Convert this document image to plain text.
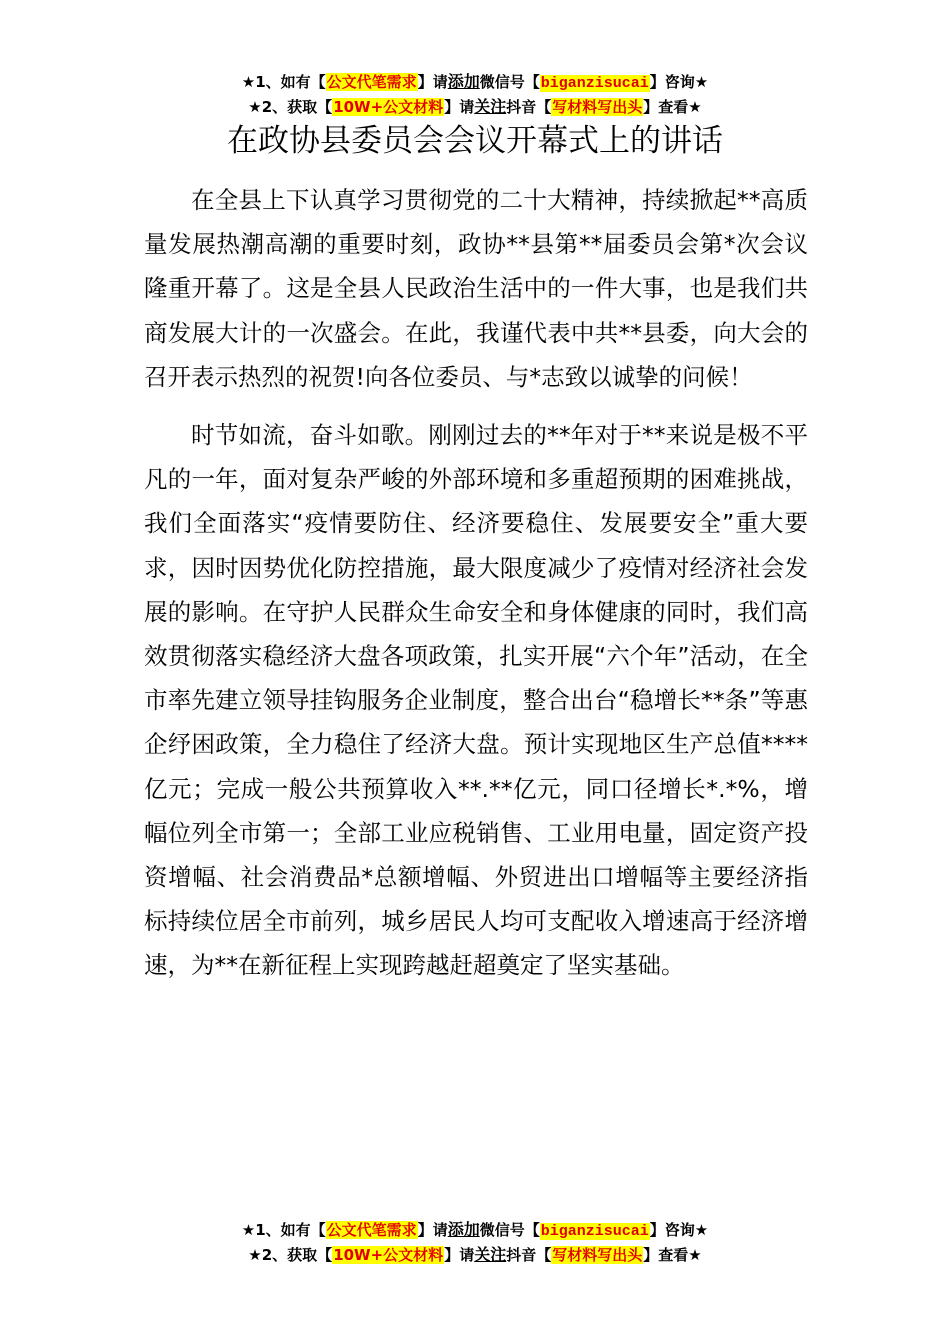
★1、如有【公文代笔需求】请添加微信号【biganzisucai】咨询★
★2、获取【10W+公文材料】请关注抖音【写材料写出头】查看★
在政协县委员会会议开幕式上的讲话

在全县上下认真学习贯彻党的二十大精神，持续掀起**高质量发展热潮高潮的重要时刻，政协**县第**届委员会第*次会议隆重开幕了。这是全县人民政治生活中的一件大事，也是我们共商发展大计的一次盛会。在此，我谨代表中共**县委，向大会的召开表示热烈的祝贺!向各位委员、与*志致以诚挚的问候！

时节如流，奋斗如歌。刚刚过去的**年对于**来说是极不平凡的一年，面对复杂严峻的外部环境和多重超预期的困难挑战，我们全面落实“疫情要防住、经济要稳住、发展要安全”重大要求，因时因势优化防控措施，最大限度减少了疫情对经济社会发展的影响。在守护人民群众生命安全和身体健康的同时，我们高效贯彻落实稳经济大盘各项政策，扎实开展“六个年”活动，在全市率先建立领导挂钩服务企业制度，整合出台“稳增长**条”等惠企纾困政策，全力稳住了经济大盘。预计实现地区生产总值****亿元；完成一般公共预算收入**.**亿元，同口径增长*.*%，增幅位列全市第一；全部工业应税销售、工业用电量，固定资产投资增幅、社会消费品*总额增幅、外贸进出口增幅等主要经济指标持续位居全市前列，城乡居民人均可支配收入增速高于经济增速，为**在新征程上实现跨越赶超奠定了坚实基础。

★1、如有【公文代笔需求】请添加微信号【biganzisucai】咨询★
★2、获取【10W+公文材料】请关注抖音【写材料写出头】查看★
